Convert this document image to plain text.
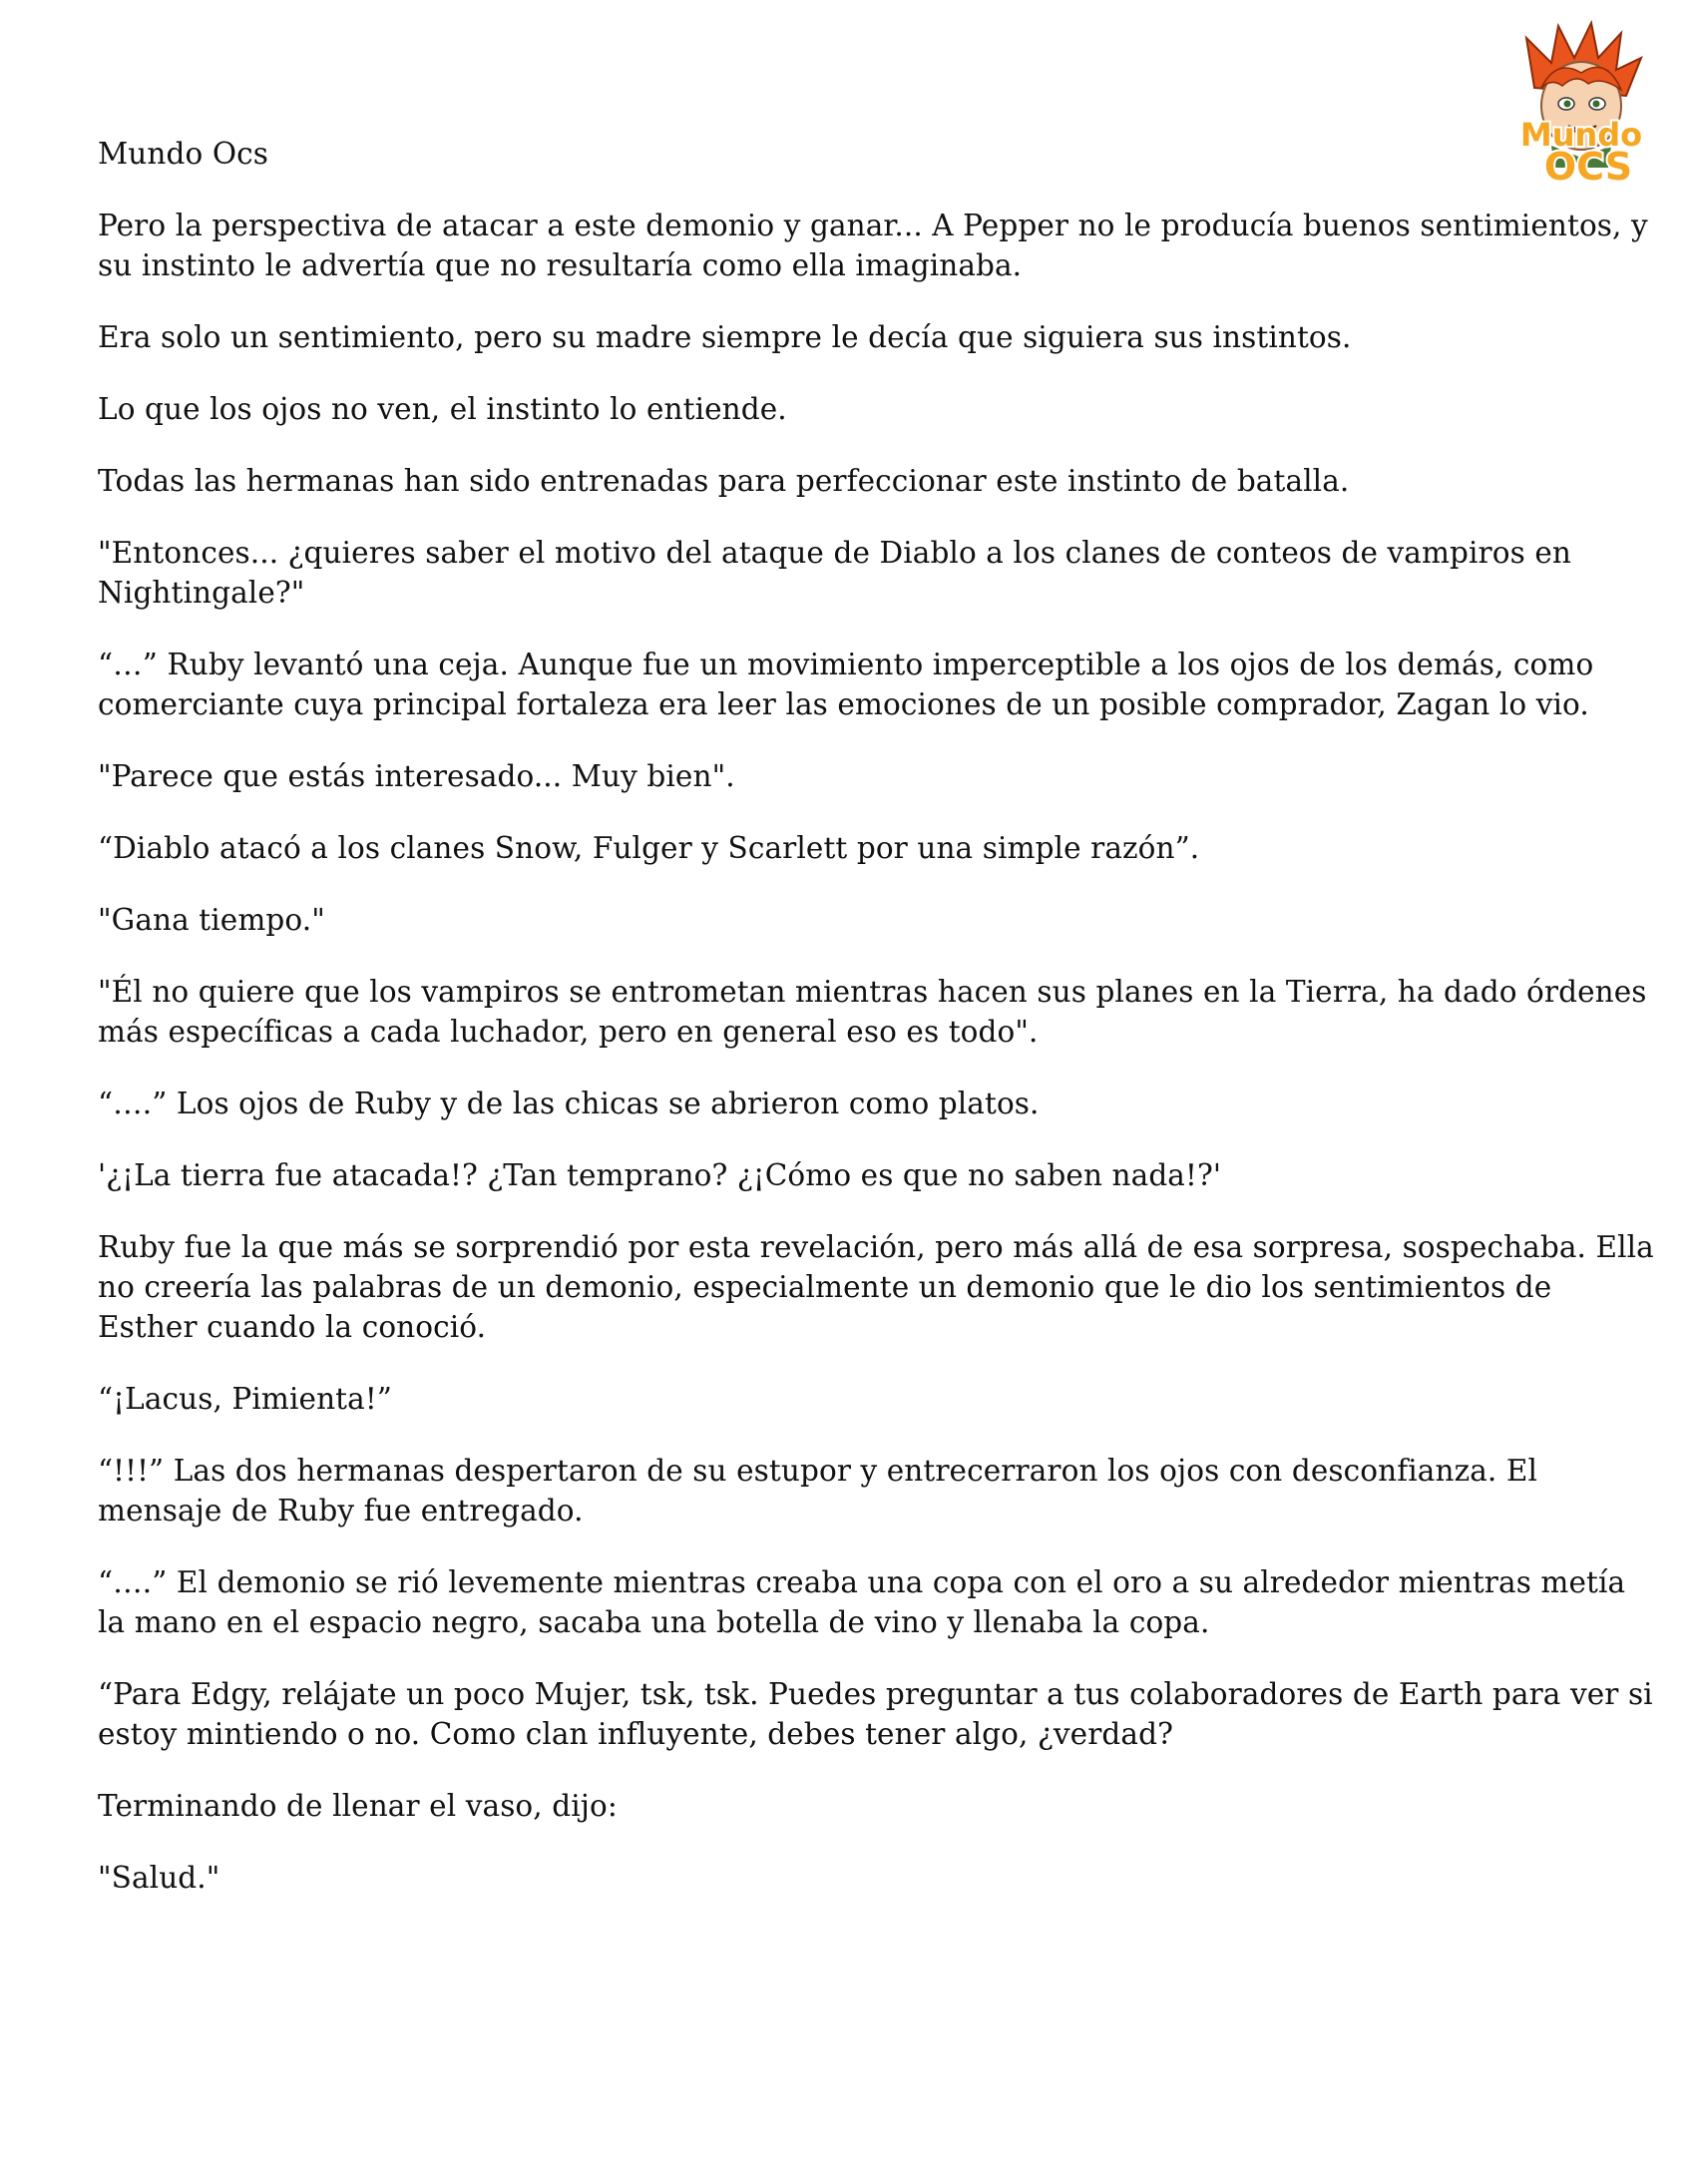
Mundo
OCS
Mundo Ocs

Pero la perspectiva de atacar a este demonio y ganar... A Pepper no le producía buenos sentimientos, y su instinto le advertía que no resultaría como ella imaginaba.

Era solo un sentimiento, pero su madre siempre le decía que siguiera sus instintos.

Lo que los ojos no ven, el instinto lo entiende.

Todas las hermanas han sido entrenadas para perfeccionar este instinto de batalla.

"Entonces... ¿quieres saber el motivo del ataque de Diablo a los clanes de conteos de vampiros en Nightingale?"

“…” Ruby levantó una ceja. Aunque fue un movimiento imperceptible a los ojos de los demás, como comerciante cuya principal fortaleza era leer las emociones de un posible comprador, Zagan lo vio.

"Parece que estás interesado... Muy bien".

“Diablo atacó a los clanes Snow, Fulger y Scarlett por una simple razón”.

"Gana tiempo."

"Él no quiere que los vampiros se entrometan mientras hacen sus planes en la Tierra, ha dado órdenes más específicas a cada luchador, pero en general eso es todo".

“….” Los ojos de Ruby y de las chicas se abrieron como platos.

'¿¡La tierra fue atacada!? ¿Tan temprano? ¿¡Cómo es que no saben nada!?'

Ruby fue la que más se sorprendió por esta revelación, pero más allá de esa sorpresa, sospechaba. Ella no creería las palabras de un demonio, especialmente un demonio que le dio los sentimientos de Esther cuando la conoció.

“¡Lacus, Pimienta!”

“!!!” Las dos hermanas despertaron de su estupor y entrecerraron los ojos con desconfianza. El mensaje de Ruby fue entregado.

“….” El demonio se rió levemente mientras creaba una copa con el oro a su alrededor mientras metía la mano en el espacio negro, sacaba una botella de vino y llenaba la copa.

“Para Edgy, relájate un poco Mujer, tsk, tsk. Puedes preguntar a tus colaboradores de Earth para ver si estoy mintiendo o no. Como clan influyente, debes tener algo, ¿verdad?

Terminando de llenar el vaso, dijo:

"Salud."
